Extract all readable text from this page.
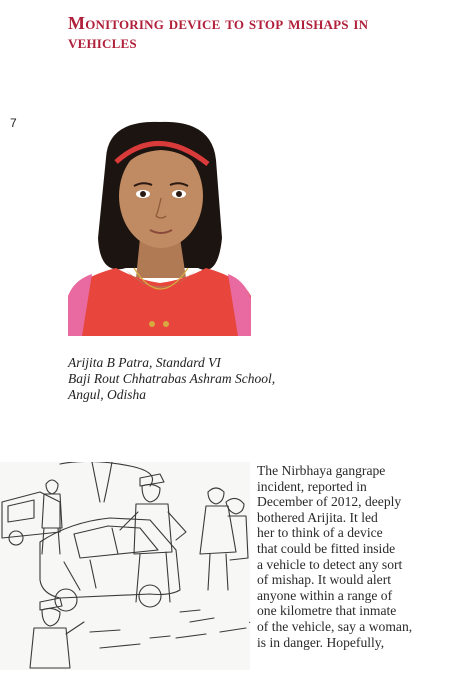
Monitoring device to stop mishaps in vehicles
7
Arijita B Patra, Standard VI
Baji Rout Chhatrabas Ashram School,
Angul, Odisha
The Nirbhaya gangrape
incident, reported in
December of 2012, deeply
bothered Arijita. It led
her to think of a device
that could be fitted inside
a vehicle to detect any sort
of mishap. It would alert
anyone within a range of
one kilometre that inmate
of the vehicle, say a woman,
is in danger. Hopefully,
·
